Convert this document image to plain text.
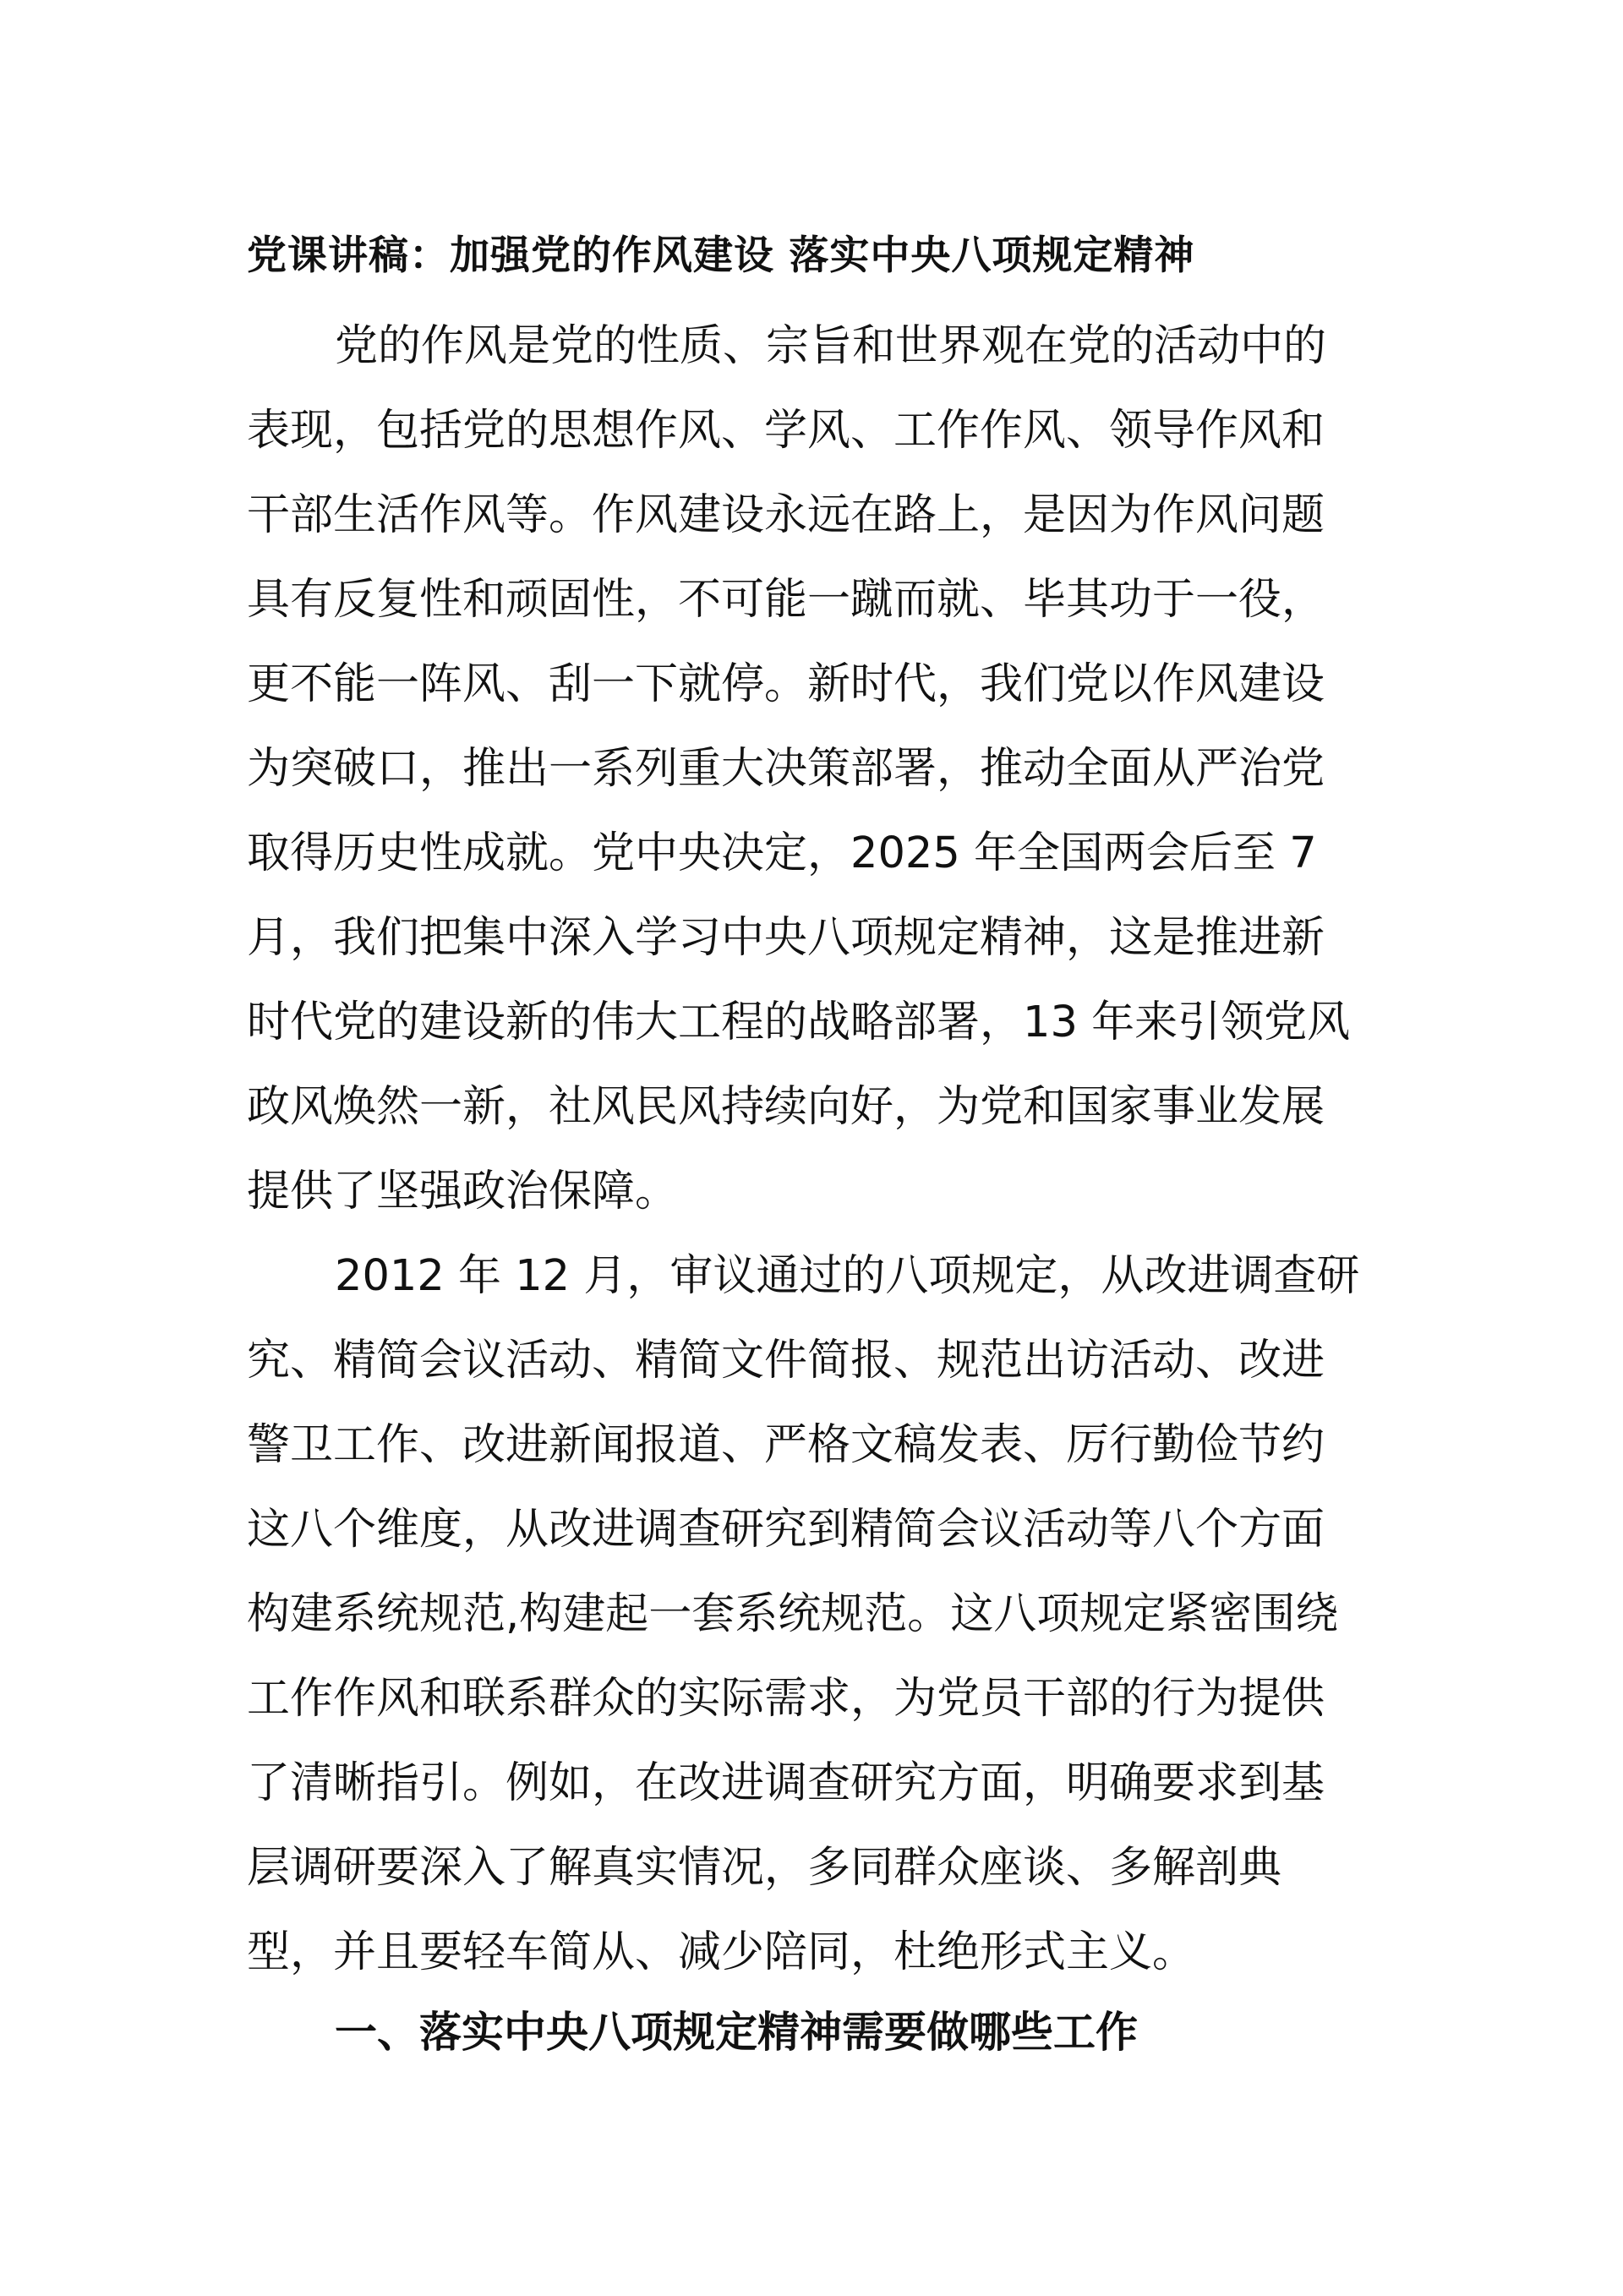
党课讲稿：加强党的作风建设 落实中央八项规定精神
党的作风是党的性质、宗旨和世界观在党的活动中的
表现，包括党的思想作风、学风、工作作风、领导作风和
干部生活作风等。作风建设永远在路上，是因为作风问题
具有反复性和顽固性，不可能一蹴而就、毕其功于一役，
更不能一阵风、刮一下就停。新时代，我们党以作风建设
为突破口，推出一系列重大决策部署，推动全面从严治党
取得历史性成就。党中央决定，2025 年全国两会后至 7
月，我们把集中深入学习中央八项规定精神，这是推进新
时代党的建设新的伟大工程的战略部署，13 年来引领党风
政风焕然一新，社风民风持续向好，为党和国家事业发展
提供了坚强政治保障。
2012 年 12 月，审议通过的八项规定，从改进调查研
究、精简会议活动、精简文件简报、规范出访活动、改进
警卫工作、改进新闻报道、严格文稿发表、厉行勤俭节约
这八个维度，从改进调查研究到精简会议活动等八个方面
构建系统规范,构建起一套系统规范。这八项规定紧密围绕
工作作风和联系群众的实际需求，为党员干部的行为提供
了清晰指引。例如，在改进调查研究方面，明确要求到基
层调研要深入了解真实情况，多同群众座谈、多解剖典
型，并且要轻车简从、减少陪同，杜绝形式主义。
一、落实中央八项规定精神需要做哪些工作
